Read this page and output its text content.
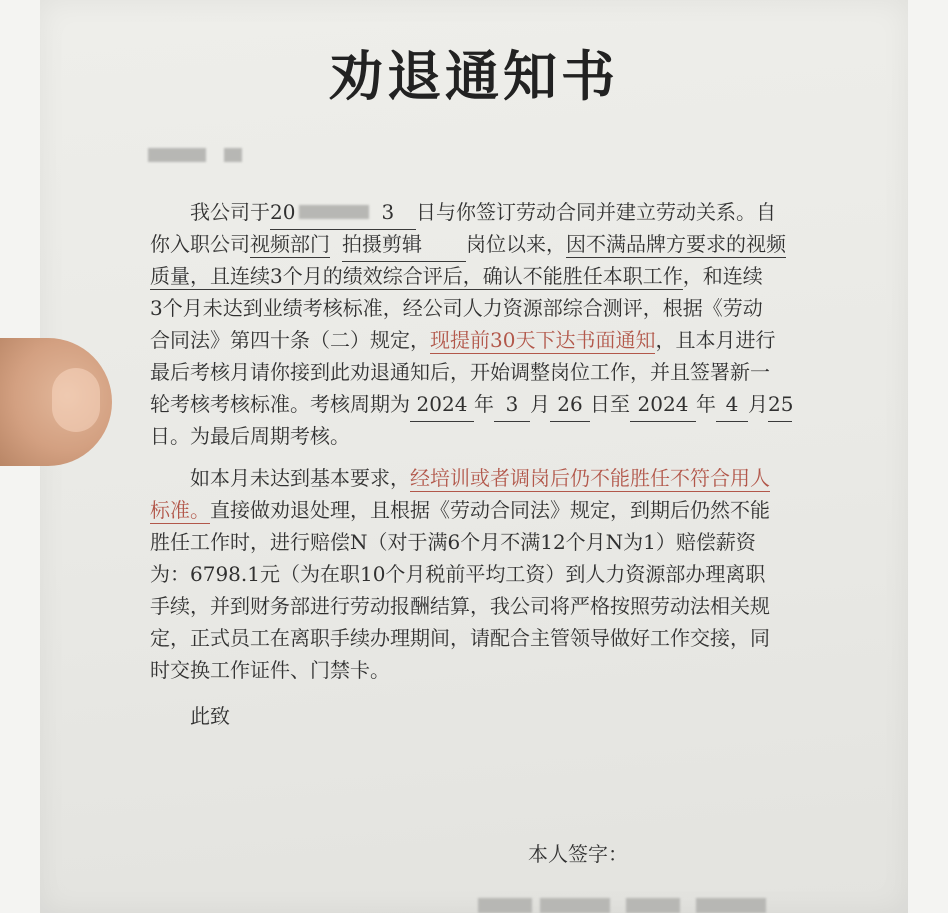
劝退通知书
我公司于20	3 日与你签订劳动合同并建立劳动关系。自
你入职公司视频部门 拍摄剪辑 岗位以来，因不满品牌方要求的视频
质量，且连续3个月的绩效综合评后，确认不能胜任本职工作，和连续
3个月未达到业绩考核标准，经公司人力资源部综合测评，根据《劳动
合同法》第四十条（二）规定，现提前30天下达书面通知，且本月进行
最后考核月请你接到此劝退通知后，开始调整岗位工作，并且签署新一
轮考核考核标准。考核周期为 2024 年 3 月 26 日至 2024 年 4 月25
日。为最后周期考核。
如本月未达到基本要求，经培训或者调岗后仍不能胜任不符合用人
标准。直接做劝退处理，且根据《劳动合同法》规定，到期后仍然不能
胜任工作时，进行赔偿N（对于满6个月不满12个月N为1）赔偿薪资
为：6798.1元（为在职10个月税前平均工资）到人力资源部办理离职
手续，并到财务部进行劳动报酬结算，我公司将严格按照劳动法相关规
定，正式员工在离职手续办理期间，请配合主管领导做好工作交接，同
时交换工作证件、门禁卡。
此致
本人签字：
